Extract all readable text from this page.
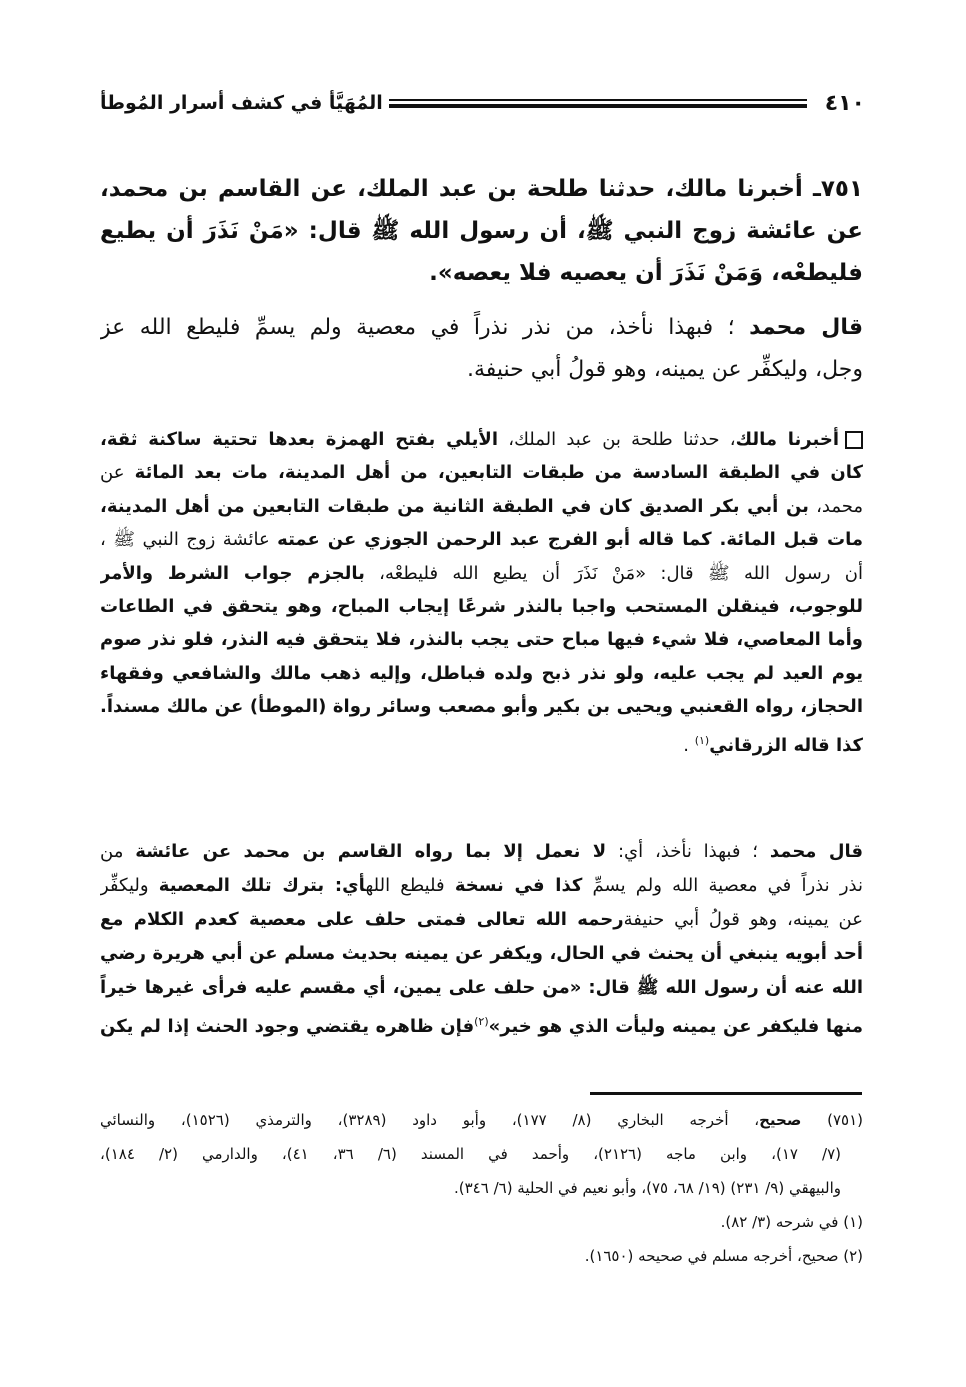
٤١٠
المُهَيَّأ في كشف أسرار المُوطأ
٧٥١ـ أخبرنا مالك، حدثنا طلحة بن عبد الملك، عن القاسم بن محمد،
عن عائشة زوج النبي ﷺ، أن رسول الله ﷺ قال: «مَنْ نَذَرَ أن يطيع
فليطعْه، وَمَنْ نَذَرَ أن يعصيه فلا يعصه».
قال محمد ؛ فبهذا نأخذ، من نذر نذراً في معصية ولم يسمِّ فليطع الله عز
وجل، وليكفِّر عن يمينه، وهو قولُ أبي حنيفة.
أخبرنا مالك، حدثنا طلحة بن عبد الملك، الأيلي بفتح الهمزة بعدها تحتية ساكنة ثقة،
كان في الطبقة السادسة من طبقات التابعين، من أهل المدينة، مات بعد المائة عن
محمد، بن أبي بكر الصديق كان في الطبقة الثانية من طبقات التابعين من أهل المدينة،
مات قبل المائة. كما قاله أبو الفرج عبد الرحمن الجوزي عن عمته عائشة زوج النبي ﷺ ،
أن رسول الله ﷺ قال: «مَنْ نَذَرَ أن يطيع الله فليطعْه، بالجزم جواب الشرط والأمر
للوجوب، فينقلن المستحب واجبا بالنذر شرعًا إيجاب المباح، وهو يتحقق في الطاعات
وأما المعاصي، فلا شيء فيها مباح حتى يجب بالنذر، فلا يتحقق فيه النذر، فلو نذر صوم
يوم العيد لم يجب عليه، ولو نذر ذبح ولده فباطل، وإليه ذهب مالك والشافعي وفقهاء
الحجاز، رواه القعنبي ويحيى بن بكير وأبو مصعب وسائر رواة (الموطأ) عن مالك مسنداً.
كذا قاله الزرقاني$^{(١)}$ .
قال محمد ؛ فبهذا نأخذ، أي: لا نعمل إلا بما رواه القاسم بن محمد عن عائشة من
نذر نذراً في معصية الله ولم يسمِّ كذا في نسخة فليطع اللهأي: بترك تلك المعصية وليكفِّر
عن يمينه، وهو قولُ أبي حنيفةرحمه الله تعالى فمتى حلف على معصية كعدم الكلام مع
أحد أبويه ينبغي أن يحنث في الحال، ويكفر عن يمينه بحديث مسلم عن أبي هريرة رضي
الله عنه أن رسول الله ﷺ قال: «من حلف على يمين، أي مقسم عليه فرأى غيرها خيراً
منها فليكفر عن يمينه وليأت الذي هو خير»$^{(٢)}$فإن ظاهره يقتضي وجود الحنث إذا لم يكن
(٧٥١) صحيح، أخرجه البخاري (٨/ ١٧٧)، وأبو داود (٣٢٨٩)، والترمذي (١٥٢٦)، والنسائي
(٧/ ١٧)، وابن ماجه (٢١٢٦)، وأحمد في المسند (٦/ ٣٦، ٤١)، والدارمي (٢/ ١٨٤)،
والبيهقي (٩/ ٢٣١) (١٩/ ٦٨، ٧٥)، وأبو نعيم في الحلية (٦/ ٣٤٦).
(١) في شرحه (٣/ ٨٢).
(٢) صحيح، أخرجه مسلم في صحيحه (١٦٥٠).
